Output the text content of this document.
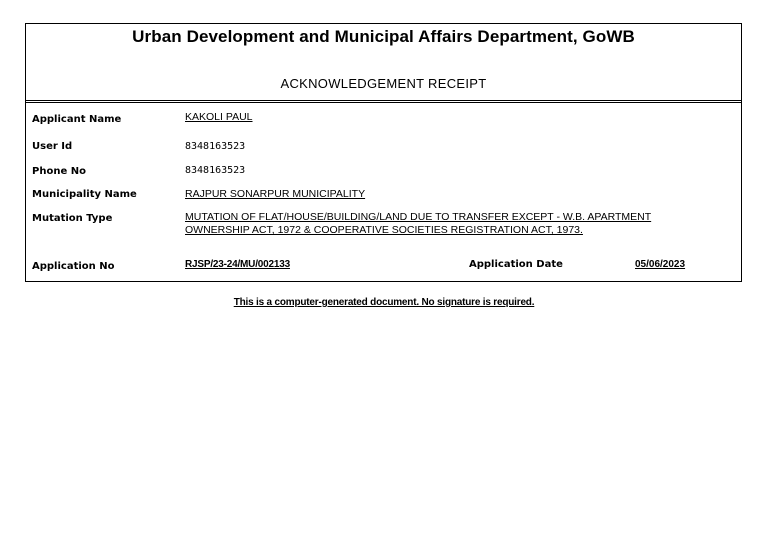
Urban Development and Municipal Affairs Department, GoWB
ACKNOWLEDGEMENT RECEIPT
Applicant Name	KAKOLI PAUL
User Id	8348163523
Phone No	8348163523
Municipality Name	RAJPUR SONARPUR MUNICIPALITY
Mutation Type	MUTATION OF FLAT/HOUSE/BUILDING/LAND DUE TO TRANSFER EXCEPT - W.B. APARTMENT OWNERSHIP ACT, 1972 & COOPERATIVE SOCIETIES REGISTRATION ACT, 1973.
Application No	RJSP/23-24/MU/002133	Application Date	05/06/2023
This is a computer-generated document. No signature is required.
